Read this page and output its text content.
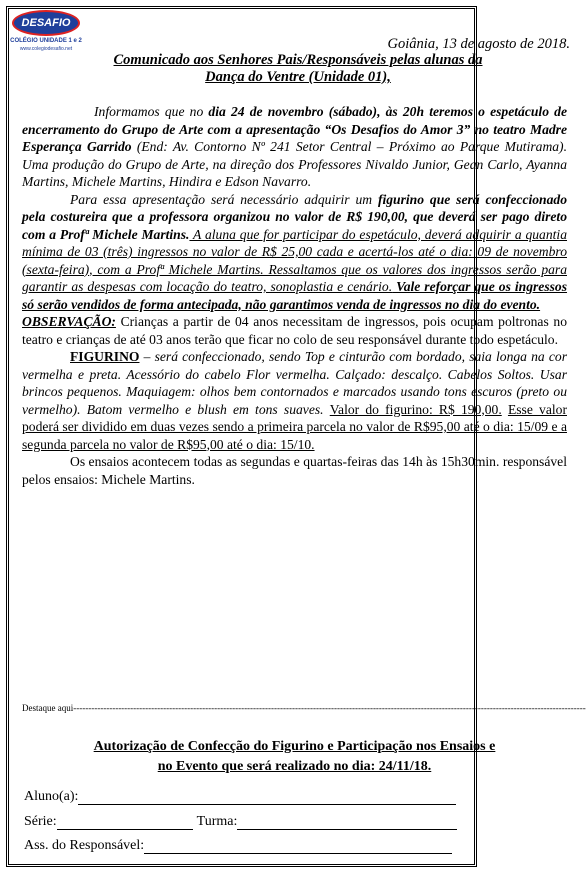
DESAFIO
COLÉGIO UNIDADE 1 e 2
www.colegiodesafio.net	Goiânia, 13 de agosto de 2018.
Comunicado aos Senhores Pais/Responsáveis pelas alunas da
Dança do Ventre (Unidade 01),

Informamos que no dia 24 de novembro (sábado), às 20h teremos o espetáculo de encerramento do Grupo de Arte com a apresentação “Os Desafios do Amor 3” no teatro Madre Esperança Garrido (End: Av. Contorno Nº 241 Setor Central – Próximo ao Parque Mutirama). Uma produção do Grupo de Arte, na direção dos Professores Nivaldo Junior, Gean Carlo, Ayanna Martins, Michele Martins, Hindira e Edson Navarro.

Para essa apresentação será necessário adquirir um figurino que será confeccionado pela costureira que a professora organizou no valor de R$ 190,00, que deverá ser pago direto com a Profª Michele Martins. A aluna que for participar do espetáculo, deverá adquirir a quantia mínima de 03 (três) ingressos no valor de R$ 25,00 cada e acertá-los até o dia: 09 de novembro (sexta-feira), com a Profª Michele Martins. Ressaltamos que os valores dos ingressos serão para garantir as despesas com locação do teatro, sonoplastia e cenário. Vale reforçar que os ingressos só serão vendidos de forma antecipada, não garantimos venda de ingressos no dia do evento.

OBSERVAÇÃO: Crianças a partir de 04 anos necessitam de ingressos, pois ocupam poltronas no teatro e crianças de até 03 anos terão que ficar no colo de seu responsável durante todo espetáculo.

FIGURINO – será confeccionado, sendo Top e cinturão com bordado, saia longa na cor vermelha e preta. Acessório do cabelo Flor vermelha. Calçado: descalço. Cabelos Soltos. Usar brincos pequenos. Maquiagem: olhos bem contornados e marcados usando tons escuros (preto ou vermelho). Batom vermelho e blush em tons suaves. Valor do figurino: R$ 190,00. Esse valor poderá ser dividido em duas vezes sendo a primeira parcela no valor de R$95,00 até o dia: 15/09 e a segunda parcela no valor de R$95,00 até o dia: 15/10.

Os ensaios acontecem todas as segundas e quartas-feiras das 14h às 15h30min. responsável pelos ensaios: Michele Martins.

Destaque aqui---------------------------------------------------------------------------------------------------------------------------------------------------------------------------
Autorização de Confecção do Figurino e Participação nos Ensaios e
no Evento que será realizado no dia: 24/11/18.
Aluno(a):
Série:	Turma:
Ass. do Responsável:
